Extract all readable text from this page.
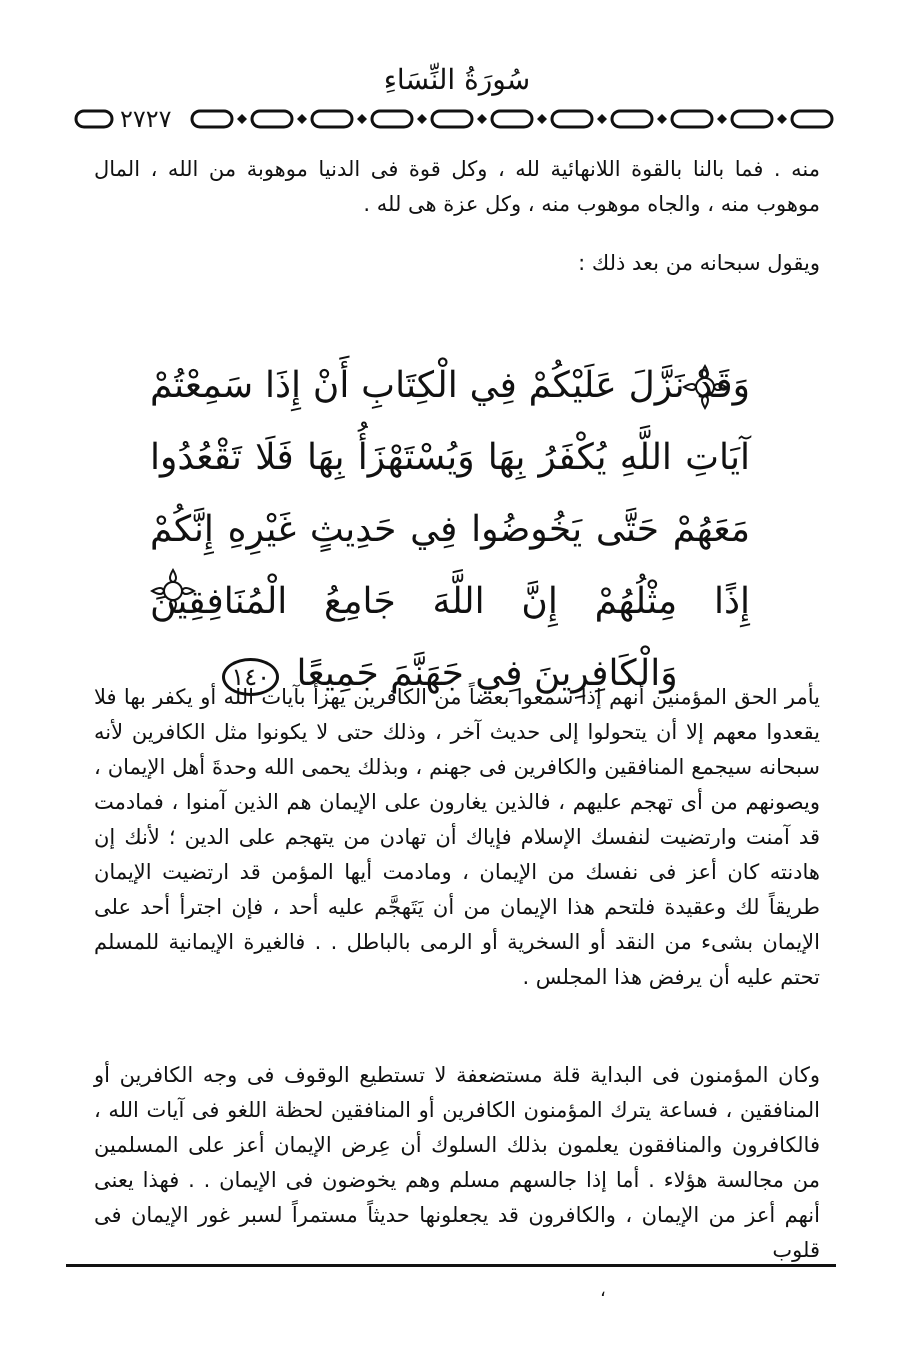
سُورَةُ النِّسَاءِ
٢٧٢٧

منه . فما بالنا بالقوة اللانهائية لله ، وكل قوة فى الدنيا موهوبة من الله ، المال موهوب منه ، والجاه موهوب منه ، وكل عزة هى لله .

ويقول سبحانه من بعد ذلك :

وَقَدْ نَزَّلَ عَلَيْكُمْ فِي الْكِتَابِ أَنْ إِذَا سَمِعْتُمْ آيَاتِ اللَّهِ يُكْفَرُ بِهَا وَيُسْتَهْزَأُ بِهَا فَلَا تَقْعُدُوا مَعَهُمْ حَتَّى يَخُوضُوا فِي حَدِيثٍ غَيْرِهِ إِنَّكُمْ إِذًا مِثْلُهُمْ إِنَّ اللَّهَ جَامِعُ الْمُنَافِقِينَ وَالْكَافِرِينَ فِي جَهَنَّمَ جَمِيعًا ١٤٠

يأمر الحق المؤمنين أنهم إذا سمعوا بعضاً من الكافرين يهزأ بآيات الله أو يكفر بها فلا يقعدوا معهم إلا أن يتحولوا إلى حديث آخر ، وذلك حتى لا يكونوا مثل الكافرين لأنه سبحانه سيجمع المنافقين والكافرين فى جهنم ، وبذلك يحمى الله وحدةَ أهل الإيمان ، ويصونهم من أى تهجم عليهم ، فالذين يغارون على الإيمان هم الذين آمنوا ، فمادمت قد آمنت وارتضيت لنفسك الإسلام فإياك أن تهادن من يتهجم على الدين ؛ لأنك إن هادنته كان أعز فى نفسك من الإيمان ، ومادمت أيها المؤمن قد ارتضيت الإيمان طريقاً لك وعقيدة فلتحم هذا الإيمان من أن يَتَهجَّم عليه أحد ، فإن اجترأ أحد على الإيمان بشىء من النقد أو السخرية أو الرمى بالباطل . . فالغيرة الإيمانية للمسلم تحتم عليه أن يرفض هذا المجلس .

وكان المؤمنون فى البداية قلة مستضعفة لا تستطيع الوقوف فى وجه الكافرين أو المنافقين ، فساعة يترك المؤمنون الكافرين أو المنافقين لحظة اللغو فى آيات الله ، فالكافرون والمنافقون يعلمون بذلك السلوك أن عِرض الإيمان أعز على المسلمين من مجالسة هؤلاء . أما إذا جالسهم مسلم وهم يخوضون فى الإيمان . . فهذا يعنى أنهم أعز من الإيمان ، والكافرون قد يجعلونها حديثاً مستمراً لسبر غور الإيمان فى قلوب

،
